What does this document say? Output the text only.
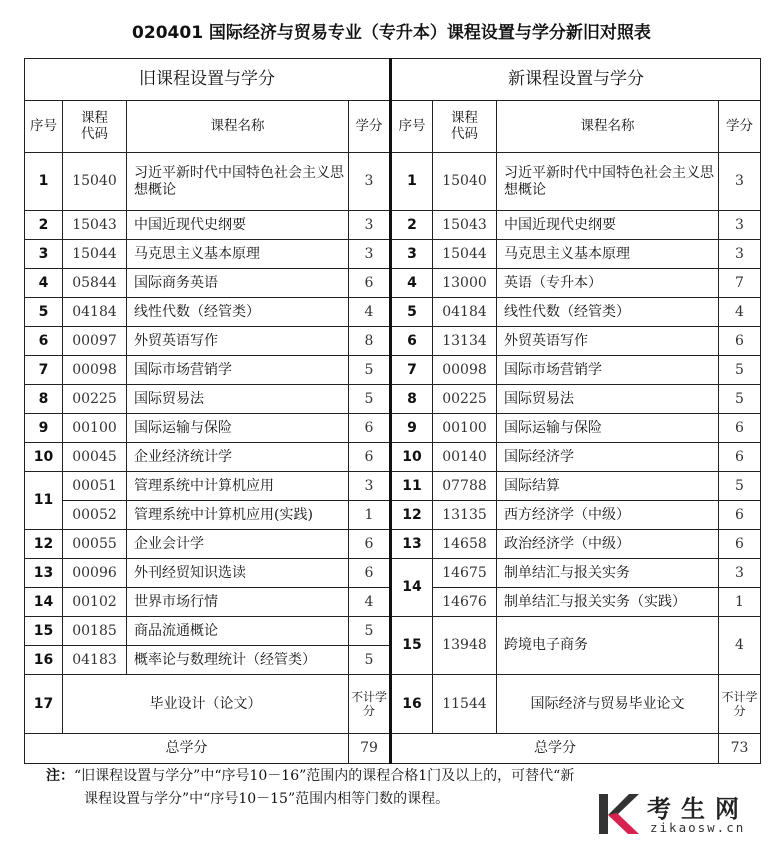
020401 国际经济与贸易专业（专升本）课程设置与学分新旧对照表
旧课程设置与学分				新课程设置与学分			
序号	课程代码	课程名称	学分	序号	课程代码	课程名称	学分
1	15040	习近平新时代中国特色社会主义思想概论	3	1	15040	习近平新时代中国特色社会主义思想概论	3
2	15043	中国近现代史纲要	3	2	15043	中国近现代史纲要	3
3	15044	马克思主义基本原理	3	3	15044	马克思主义基本原理	3
4	05844	国际商务英语	6	4	13000	英语（专升本）	7
5	04184	线性代数（经管类）	4	5	04184	线性代数（经管类）	4
6	00097	外贸英语写作	8	6	13134	外贸英语写作	6
7	00098	国际市场营销学	5	7	00098	国际市场营销学	5
8	00225	国际贸易法	5	8	00225	国际贸易法	5
9	00100	国际运输与保险	6	9	00100	国际运输与保险	6
10	00045	企业经济统计学	6	10	00140	国际经济学	6
11	00051	管理系统中计算机应用	3	11	07788	国际结算	5
	00052	管理系统中计算机应用(实践)	1	12	13135	西方经济学（中级）	6
12	00055	企业会计学	6	13	14658	政治经济学（中级）	6
13	00096	外刊经贸知识选读	6	14	14675	制单结汇与报关实务	3
14	00102	世界市场行情	4		14676	制单结汇与报关实务（实践）	1
15	00185	商品流通概论	5	15	13948	跨境电子商务	4
16	04183	概率论与数理统计（经管类）	5				
17	毕业设计（论文）		不计学分	16	11544	国际经济与贸易毕业论文	不计学分
总学分			79	总学分			73
注：“旧课程设置与学分”中“序号10－16”范围内的课程合格1门及以上的，可替代“新
课程设置与学分”中“序号10－15”范围内相等门数的课程。	考生网
zikaosw.cn
